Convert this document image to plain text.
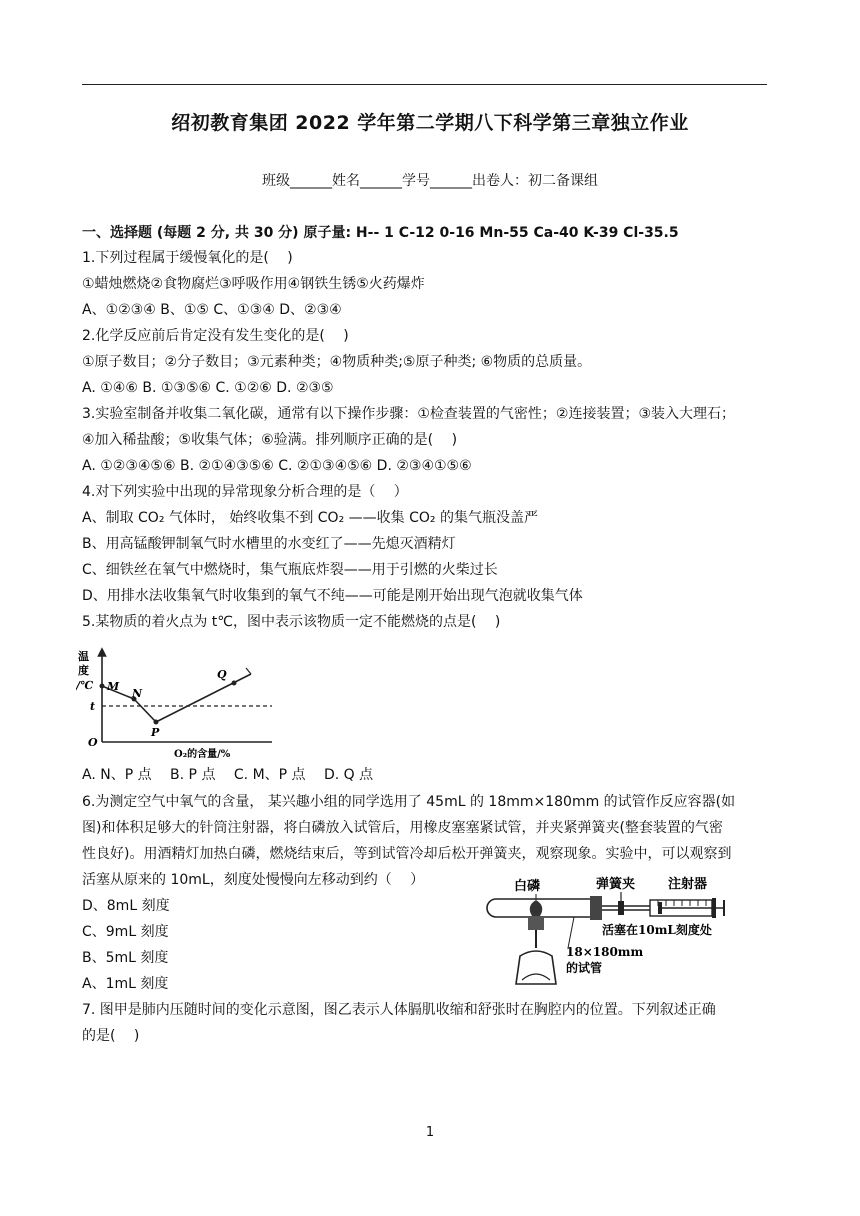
绍初教育集团 2022 学年第二学期八下科学第三章独立作业
班级______姓名______学号______出卷人：初二备课组
一、选择题 (每题 2 分, 共 30 分) 原子量: H-- 1 C-12 0-16 Mn-55 Ca-40 K-39 Cl-35.5
1.下列过程属于缓慢氧化的是(　 )
①蜡烛燃烧②食物腐烂③呼吸作用④钢铁生锈⑤火药爆炸
A、①②③④ B、①⑤ C、①③④ D、②③④
2.化学反应前后肯定没有发生变化的是(　 )
①原子数目；②分子数目；③元素种类；④物质种类;⑤原子种类; ⑥物质的总质量。
A. ①④⑥ B. ①③⑤⑥ C. ①②⑥ D. ②③⑤
3.实验室制备并收集二氧化碳，通常有以下操作步骤：①检查装置的气密性；②连接装置；③装入大理石；
④加入稀盐酸；⑤收集气体；⑥验满。排列顺序正确的是(　 )
A. ①②③④⑤⑥ B. ②①④③⑤⑥ C. ②①③④⑤⑥ D. ②③④①⑤⑥
4.对下列实验中出现的异常现象分析合理的是（　 ）
A、制取 CO₂ 气体时， 始终收集不到 CO₂ ——收集 CO₂ 的集气瓶没盖严
B、用高锰酸钾制氧气时水槽里的水变红了——先熄灭酒精灯
C、细铁丝在氧气中燃烧时，集气瓶底炸裂——用于引燃的火柴过长
D、用排水法收集氧气时收集到的氧气不纯——可能是刚开始出现气泡就收集气体
5.某物质的着火点为 t℃，图中表示该物质一定不能燃烧的点是(　 )
温
度
/℃ M
N
t
P
Q
O
O₂的含量/%
A. N、P 点　 B. P 点　 C. M、P 点　 D. Q 点
6.为测定空气中氧气的含量， 某兴趣小组的同学选用了 45mL 的 18mm×180mm 的试管作反应容器(如
图)和体积足够大的针筒注射器，将白磷放入试管后，用橡皮塞塞紧试管，并夹紧弹簧夹(整套装置的气密
性良好)。用酒精灯加热白磷，燃烧结束后，等到试管冷却后松开弹簧夹，观察现象。实验中，可以观察到
活塞从原来的 10mL，刻度处慢慢向左移动到约（　 ）
D、8mL 刻度
C、9mL 刻度
B、5mL 刻度
A、1mL 刻度
白磷	弹簧夹	注射器
活塞在10mL刻度处
18×180mm
的试管
7. 图甲是肺内压随时间的变化示意图，图乙表示人体膈肌收缩和舒张时在胸腔内的位置。下列叙述正确
的是(　 )
1
